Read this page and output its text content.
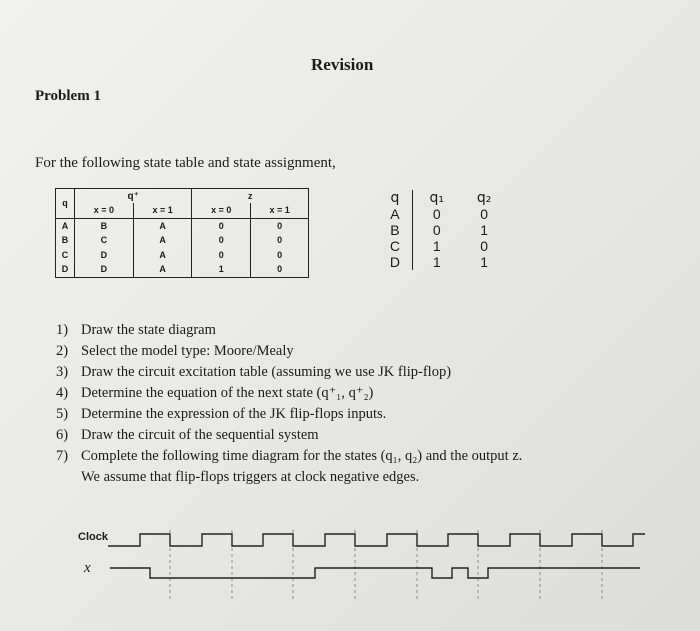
Revision
Problem 1
For the following state table and state assignment,
q	q⁺		z	
	x = 0	x = 1	x = 0	x = 1
A	B	A	0	0
B	C	A	0	0
C	D	A	0	0
D	D	A	1	0
q	q₁	q₂
A	0	0
B	0	1
C	1	0
D	1	1
1) Draw the state diagram
2) Select the model type: Moore/Mealy
3) Draw the circuit excitation table (assuming we use JK flip-flop)
4) Determine the equation of the next state (q⁺₁, q⁺₂)
5) Determine the expression of the JK flip-flops inputs.
6) Draw the circuit of the sequential system
7) Complete the following time diagram for the states (q₁, q₂) and the output z.
We assume that flip-flops triggers at clock negative edges.
Clock
x
